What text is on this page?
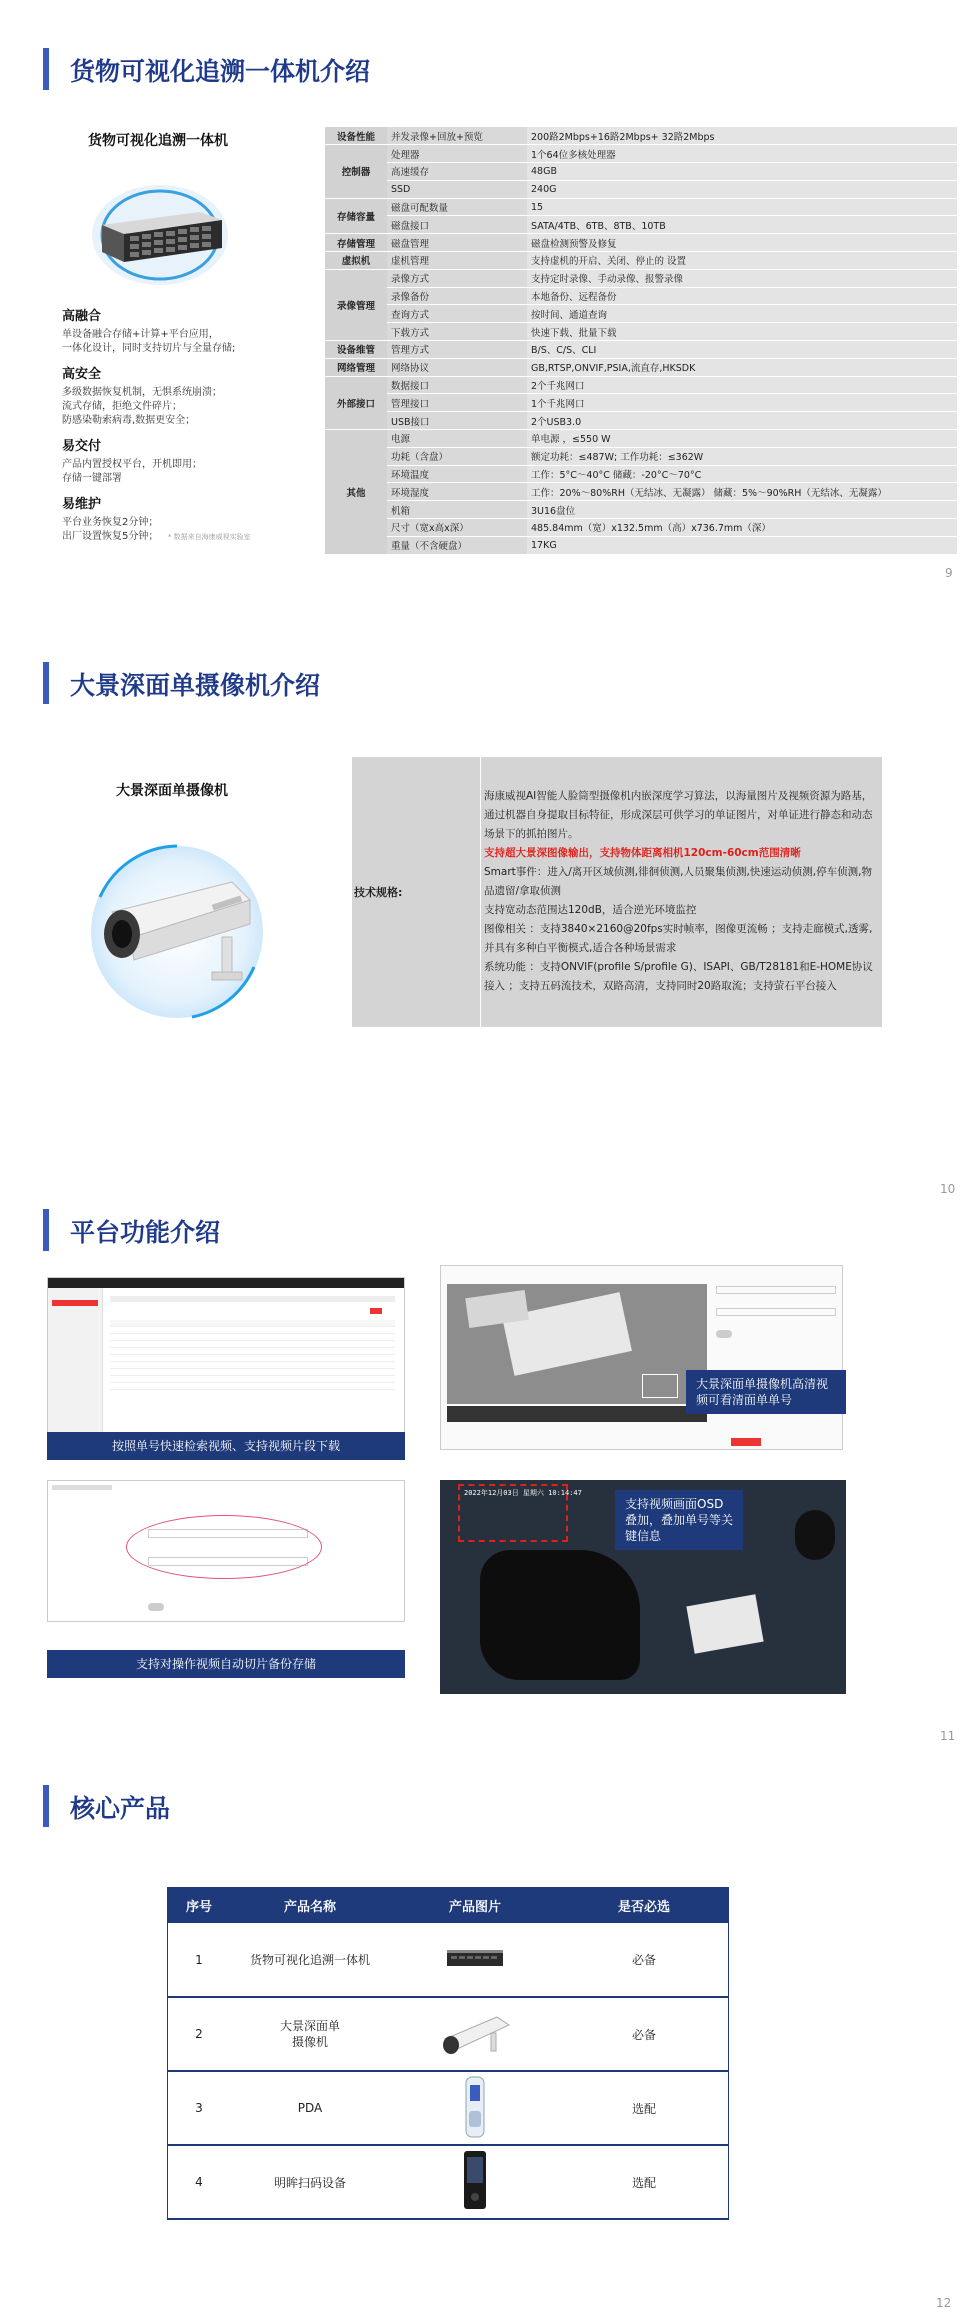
货物可视化追溯一体机介绍
货物可视化追溯一体机
高融合
单设备融合存储+计算+平台应用，
一体化设计，同时支持切片与全量存储;
高安全
多级数据恢复机制，无惧系统崩溃；
流式存储，拒绝文件碎片；
防感染勒索病毒,数据更安全；
易交付
产品内置授权平台，开机即用；
存储一键部署
易维护
平台业务恢复2分钟；
出厂设置恢复5分钟； * 数据来自海康威视实验室
设备性能	并发录像+回放+预览	200路2Mbps+16路2Mbps+ 32路2Mbps
控制器	处理器	1个64位多核处理器
	高速缓存	48GB
	SSD	240G
存储容量	磁盘可配数量	15
	磁盘接口	SATA/4TB、6TB、8TB、10TB
存储管理	磁盘管理	磁盘检测预警及修复
虚拟机	虚机管理	支持虚机的开启、关闭、停止的 设置
录像管理	录像方式	支持定时录像、手动录像、报警录像
	录像备份	本地备份、远程备份
	查询方式	按时间、通道查询
	下载方式	快速下载、批量下载
设备维管	管理方式	B/S、C/S、CLI
网络管理	网络协议	GB,RTSP,ONVIF,PSIA,流直存,HKSDK
外部接口	数据接口	2个千兆网口
	管理接口	1个千兆网口
	USB接口	2个USB3.0
其他	电源	单电源 ，≤550 W
	功耗（含盘）	额定功耗：≤487W; 工作功耗：≤362W
	环境温度	工作：5°C～40°C 储藏：-20°C～70°C
	环境湿度	工作：20%～80%RH（无结冰、无凝露） 储藏：5%～90%RH（无结冰、无凝露）
	机箱	3U16盘位
	尺寸（宽x高x深）	485.84mm（宽）x132.5mm（高）x736.7mm（深）
	重量（不含硬盘）	17KG
9
大景深面单摄像机介绍
大景深面单摄像机
技术规格:
海康威视AI智能人脸筒型摄像机内嵌深度学习算法，以海量图片及视频资源为路基，
通过机器自身提取目标特征，形成深层可供学习的单证图片，对单证进行静态和动态
场景下的抓拍图片。
支持超大景深图像输出，支持物体距离相机120cm-60cm范围清晰
Smart事件：进入/离开区域侦测,徘徊侦测,人员聚集侦测,快速运动侦测,停车侦测,物
品遗留/拿取侦测
支持宽动态范围达120dB，适合逆光环境监控
图像相关 ：支持3840×2160@20fps实时帧率，图像更流畅 ；支持走廊模式,透雾,
并具有多种白平衡模式,适合各种场景需求
系统功能 ：支持ONVIF(profile S/profile G)、ISAPI、GB/T28181和E-HOME协议
接入 ；支持五码流技术，双路高清，支持同时20路取流；支持萤石平台接入
10
平台功能介绍
按照单号快速检索视频、支持视频片段下载
大景深面单摄像机高清视频可看清面单单号
支持对操作视频自动切片备份存储
2022年12月03日 星期六 10:14:47
支持视频画面OSD叠加，叠加单号等关键信息
11
核心产品
序号	产品名称	产品图片	是否必选
1	货物可视化追溯一体机		必备
2	大景深面单
摄像机		必备
3	PDA		选配
4	明眸扫码设备		选配
12
